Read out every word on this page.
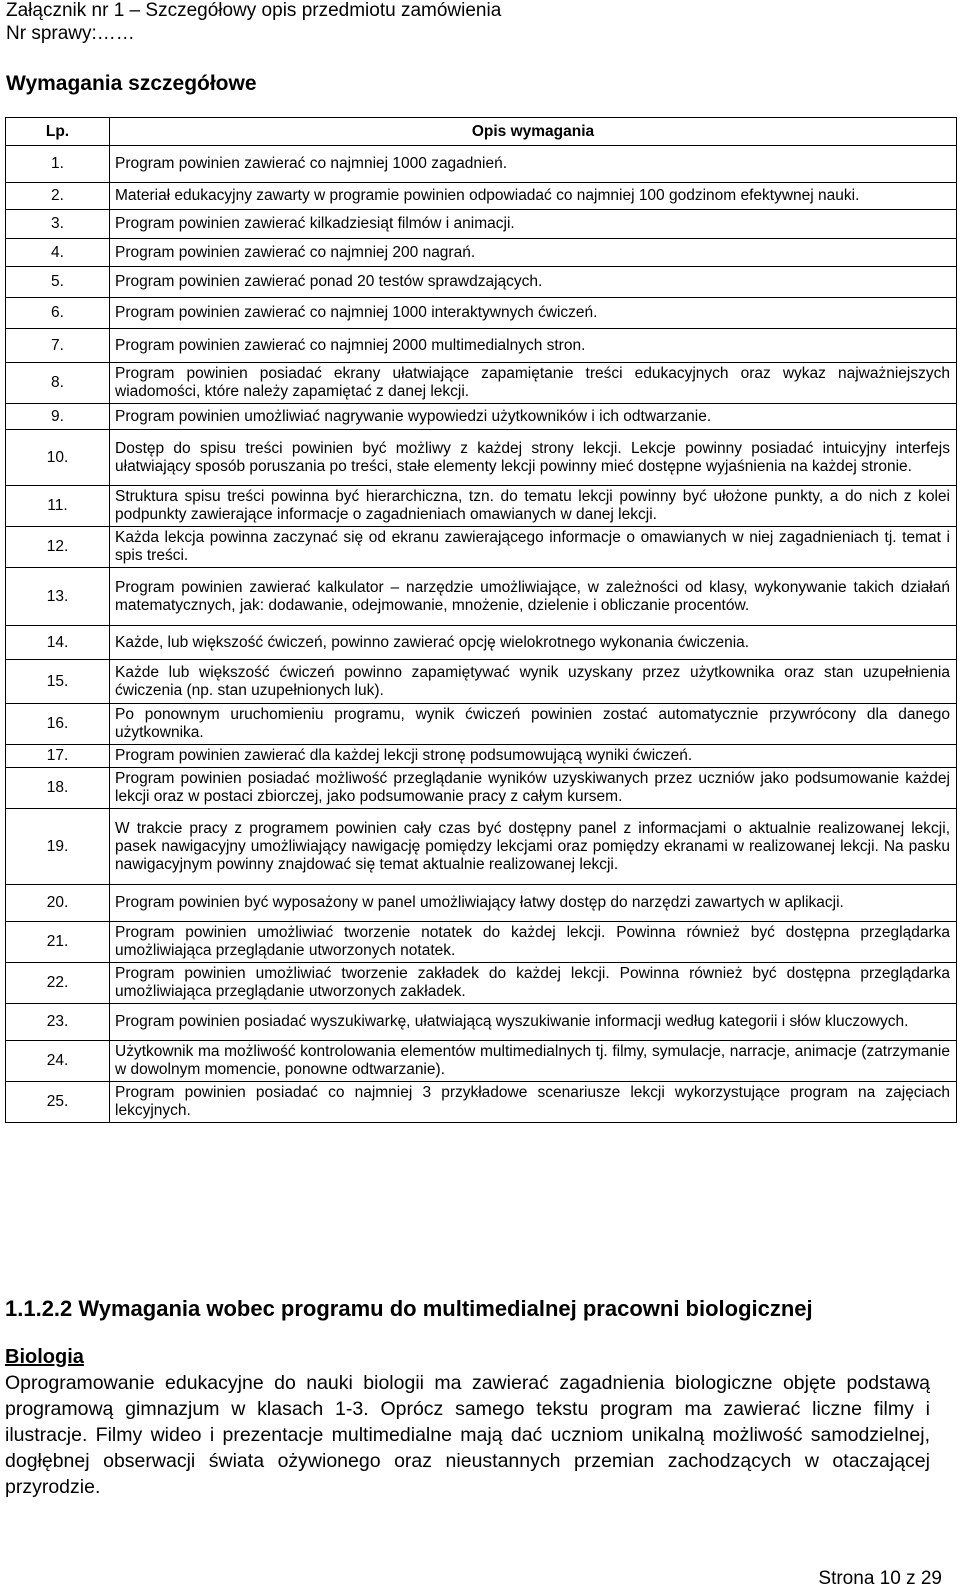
Załącznik nr 1 – Szczegółowy opis przedmiotu zamówienia
Nr sprawy:……
Wymagania szczegółowe
Lp.	Opis wymagania
1.	Program powinien zawierać co najmniej 1000 zagadnień.
2.	Materiał edukacyjny zawarty w programie powinien odpowiadać co najmniej 100 godzinom efektywnej nauki.
3.	Program powinien zawierać kilkadziesiąt filmów i animacji.
4.	Program powinien zawierać co najmniej 200 nagrań.
5.	Program powinien zawierać ponad 20 testów sprawdzających.
6.	Program powinien zawierać co najmniej 1000 interaktywnych ćwiczeń.
7.	Program powinien zawierać co najmniej 2000 multimedialnych stron.
8.	Program powinien posiadać ekrany ułatwiające zapamiętanie treści edukacyjnych oraz wykaz najważniejszych wiadomości, które należy zapamiętać z danej lekcji.
9.	Program powinien umożliwiać nagrywanie wypowiedzi użytkowników i ich odtwarzanie.
10.	Dostęp do spisu treści powinien być możliwy z każdej strony lekcji. Lekcje powinny posiadać intuicyjny interfejs ułatwiający sposób poruszania po treści, stałe elementy lekcji powinny mieć dostępne wyjaśnienia na każdej stronie.
11.	Struktura spisu treści powinna być hierarchiczna, tzn. do tematu lekcji powinny być ułożone punkty, a do nich z kolei podpunkty zawierające informacje o zagadnieniach omawianych w danej lekcji.
12.	Każda lekcja powinna zaczynać się od ekranu zawierającego informacje o omawianych w niej zagadnieniach tj. temat i spis treści.
13.	Program powinien zawierać kalkulator – narzędzie umożliwiające, w zależności od klasy, wykonywanie takich działań matematycznych, jak: dodawanie, odejmowanie, mnożenie, dzielenie i obliczanie procentów.
14.	Każde, lub większość ćwiczeń, powinno zawierać opcję wielokrotnego wykonania ćwiczenia.
15.	Każde lub większość ćwiczeń powinno zapamiętywać wynik uzyskany przez użytkownika oraz stan uzupełnienia ćwiczenia (np. stan uzupełnionych luk).
16.	Po ponownym uruchomieniu programu, wynik ćwiczeń powinien zostać automatycznie przywrócony dla danego użytkownika.
17.	Program powinien zawierać dla każdej lekcji stronę podsumowującą wyniki ćwiczeń.
18.	Program powinien posiadać możliwość przeglądanie wyników uzyskiwanych przez uczniów jako podsumowanie każdej lekcji oraz w postaci zbiorczej, jako podsumowanie pracy z całym kursem.
19.	W trakcie pracy z programem powinien cały czas być dostępny panel z informacjami o aktualnie realizowanej lekcji, pasek nawigacyjny umożliwiający nawigację pomiędzy lekcjami oraz pomiędzy ekranami w realizowanej lekcji. Na pasku nawigacyjnym powinny znajdować się temat aktualnie realizowanej lekcji.
20.	Program powinien być wyposażony w panel umożliwiający łatwy dostęp do narzędzi zawartych w aplikacji.
21.	Program powinien umożliwiać tworzenie notatek do każdej lekcji. Powinna również być dostępna przeglądarka umożliwiająca przeglądanie utworzonych notatek.
22.	Program powinien umożliwiać tworzenie zakładek do każdej lekcji. Powinna również być dostępna przeglądarka umożliwiająca przeglądanie utworzonych zakładek.
23.	Program powinien posiadać wyszukiwarkę, ułatwiającą wyszukiwanie informacji według kategorii i słów kluczowych.
24.	Użytkownik ma możliwość kontrolowania elementów multimedialnych tj. filmy, symulacje, narracje, animacje (zatrzymanie w dowolnym momencie, ponowne odtwarzanie).
25.	Program powinien posiadać co najmniej 3 przykładowe scenariusze lekcji wykorzystujące program na zajęciach lekcyjnych.
1.1.2.2 Wymagania wobec programu do multimedialnej pracowni biologicznej
Biologia

Oprogramowanie edukacyjne do nauki biologii ma zawierać zagadnienia biologiczne objęte podstawą programową gimnazjum w klasach 1-3. Oprócz samego tekstu program ma zawierać liczne filmy i ilustracje. Filmy wideo i prezentacje multimedialne mają dać uczniom unikalną możliwość samodzielnej, dogłębnej obserwacji świata ożywionego oraz nieustannych przemian zachodzących w otaczającej przyrodzie.

Strona 10 z 29
